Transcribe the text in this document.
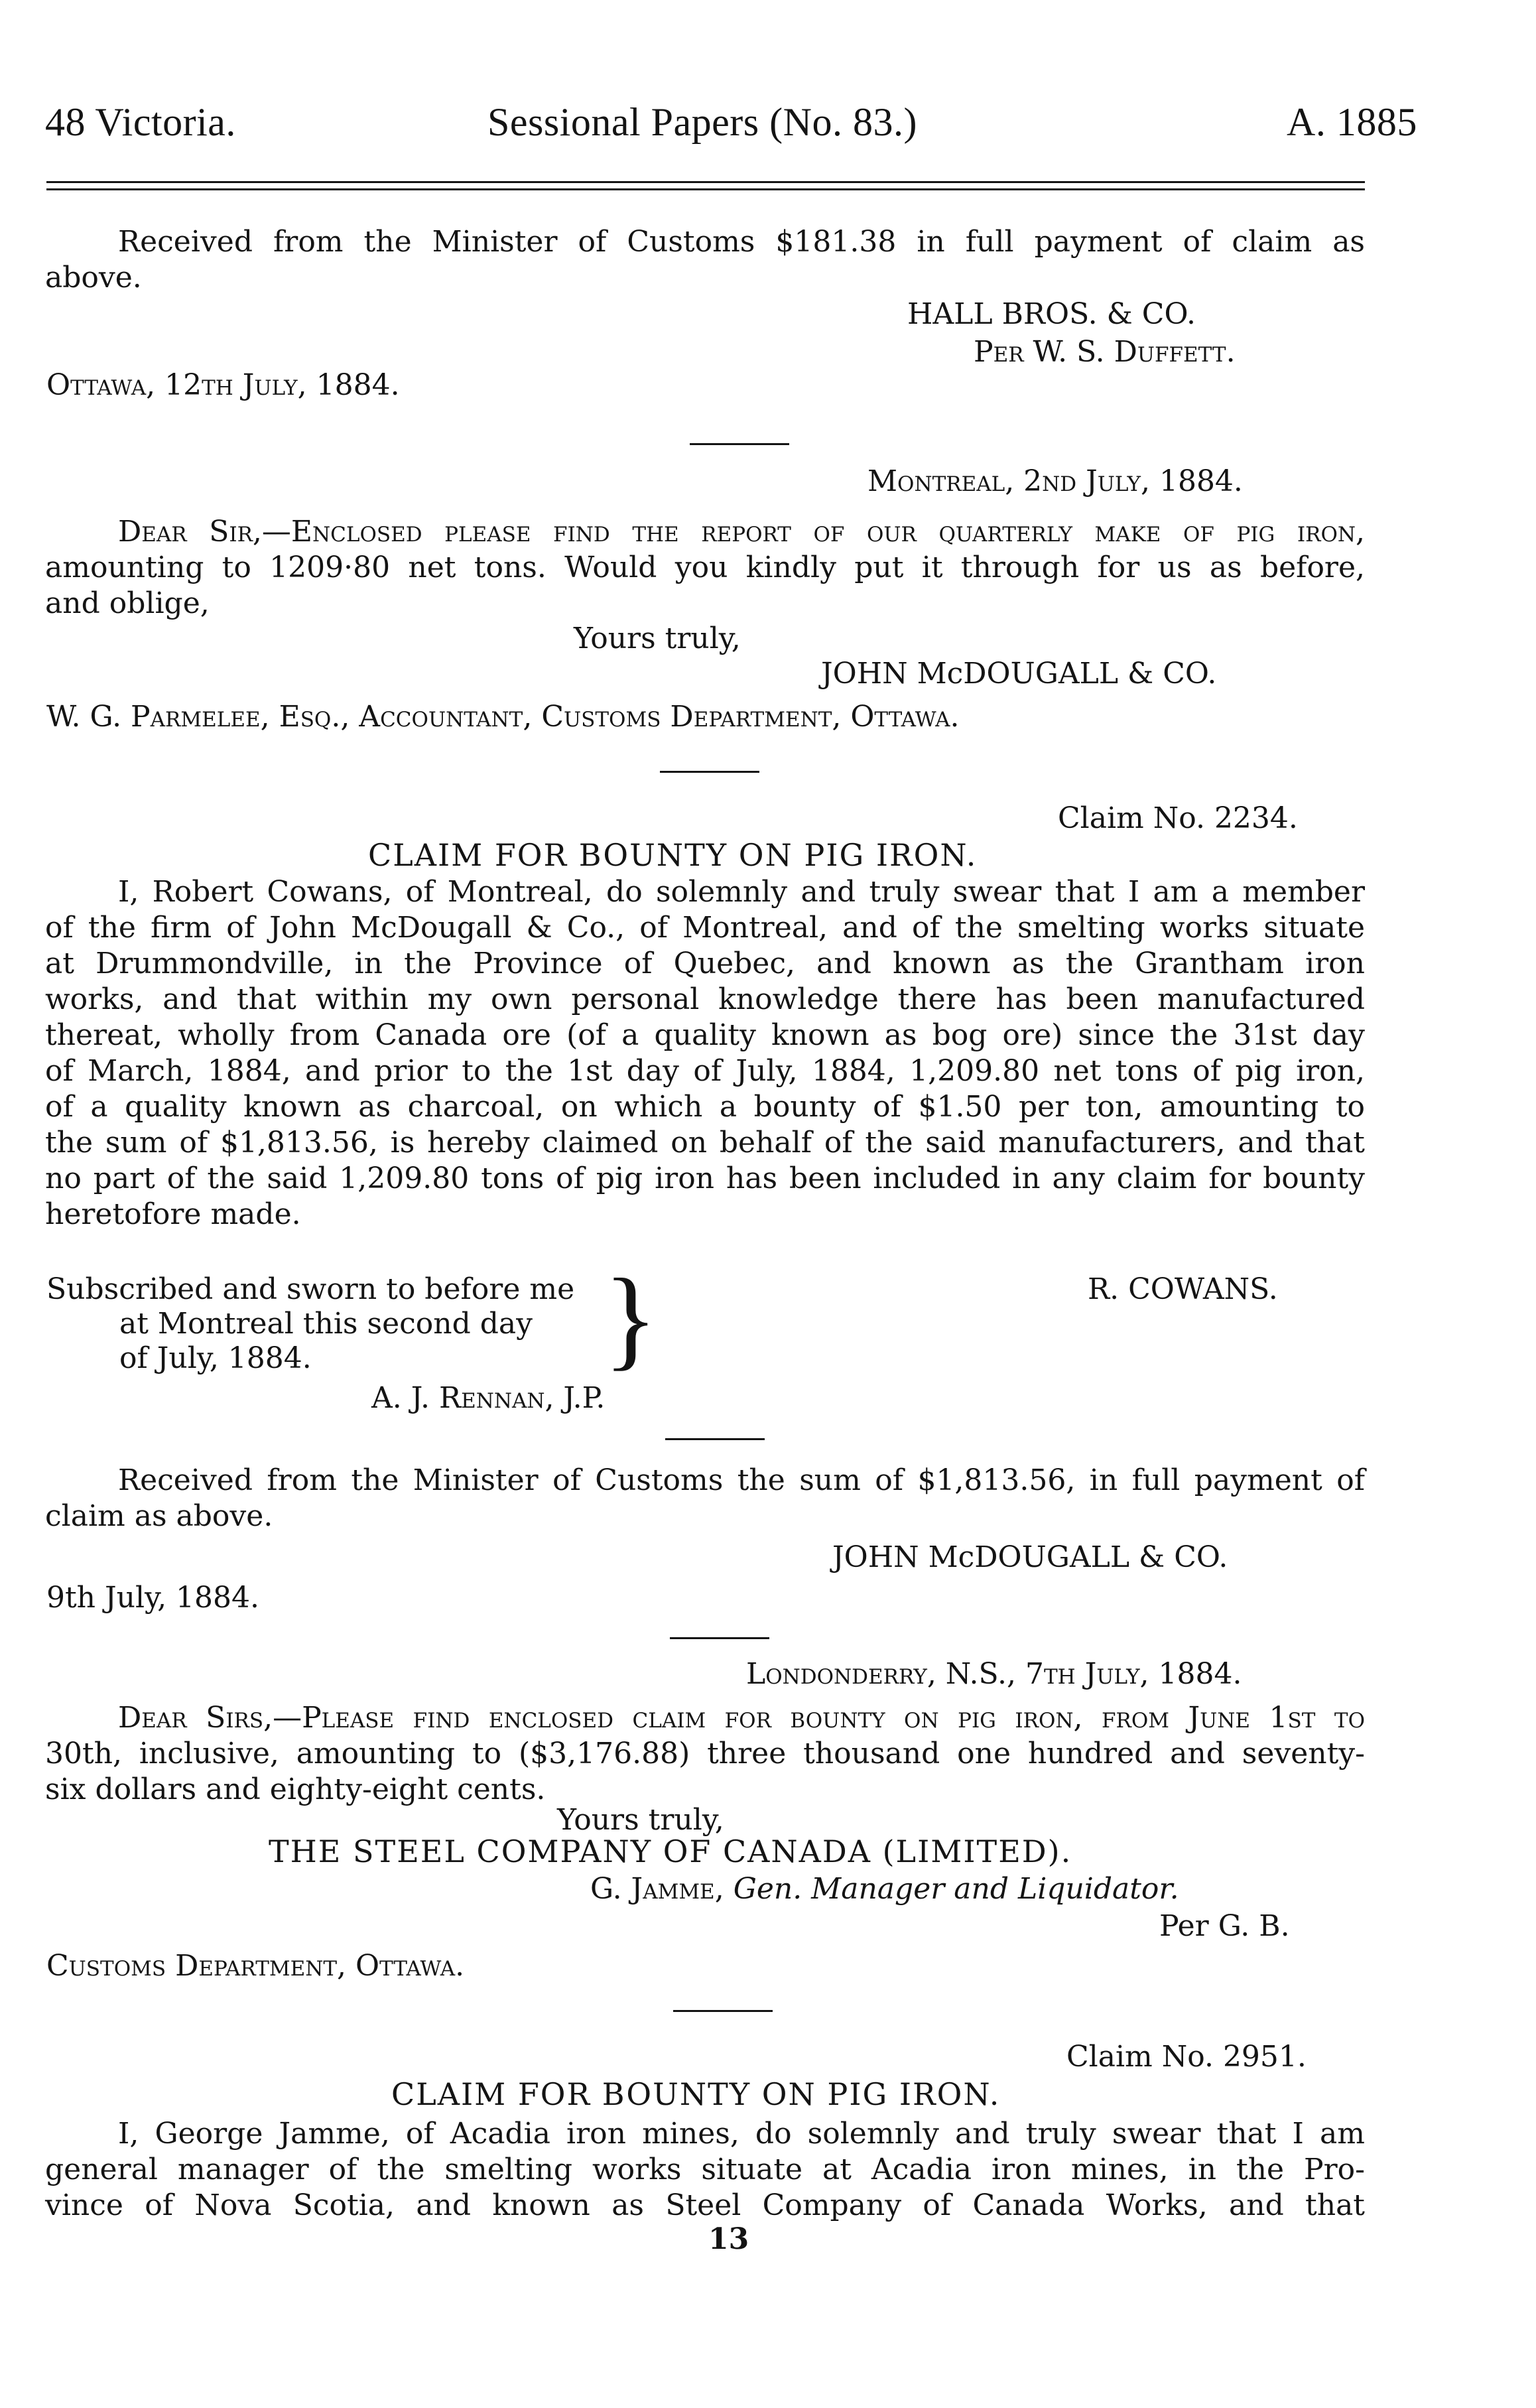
48 Victoria.	Sessional Papers (No. 83.)	A. 1885
Received from the Minister of Customs $181.38 in full payment of claim as
above.
HALL BROS. & CO.
Per W. S. Duffett.
Ottawa, 12th July, 1884.
Montreal, 2nd July, 1884.
Dear Sir,—Enclosed please find the report of our quarterly make of pig iron,
amounting to 1209·80 net tons. Would you kindly put it through for us as before,
and oblige,
Yours truly,
JOHN McDOUGALL & CO.
W. G. Parmelee, Esq., Accountant, Customs Department, Ottawa.
Claim No. 2234.
CLAIM FOR BOUNTY ON PIG IRON.
I, Robert Cowans, of Montreal, do solemnly and truly swear that I am a member
of the firm of John McDougall & Co., of Montreal, and of the smelting works situate
at Drummondville, in the Province of Quebec, and known as the Grantham iron
works, and that within my own personal knowledge there has been manufactured
thereat, wholly from Canada ore (of a quality known as bog ore) since the 31st day
of March, 1884, and prior to the 1st day of July, 1884, 1,209.80 net tons of pig iron,
of a quality known as charcoal, on which a bounty of $1.50 per ton, amounting to
the sum of $1,813.56, is hereby claimed on behalf of the said manufacturers, and that
no part of the said 1,209.80 tons of pig iron has been included in any claim for bounty
heretofore made.
Subscribed and sworn to before me
at Montreal this second day
of July, 1884.	}	R. COWANS.
A. J. Rennan, J.P.
Received from the Minister of Customs the sum of $1,813.56, in full payment of
claim as above.
JOHN McDOUGALL & CO.
9th July, 1884.
Londonderry, N.S., 7th July, 1884.
Dear Sirs,—Please find enclosed claim for bounty on pig iron, from June 1st to
30th, inclusive, amounting to ($3,176.88) three thousand one hundred and seventy-
six dollars and eighty-eight cents.
Yours truly,
THE STEEL COMPANY OF CANADA (LIMITED).
G. Jamme, Gen. Manager and Liquidator.
Per G. B.
Customs Department, Ottawa.
Claim No. 2951.
CLAIM FOR BOUNTY ON PIG IRON.
I, George Jamme, of Acadia iron mines, do solemnly and truly swear that I am
general manager of the smelting works situate at Acadia iron mines, in the Pro-
vince of Nova Scotia, and known as Steel Company of Canada Works, and that
13
